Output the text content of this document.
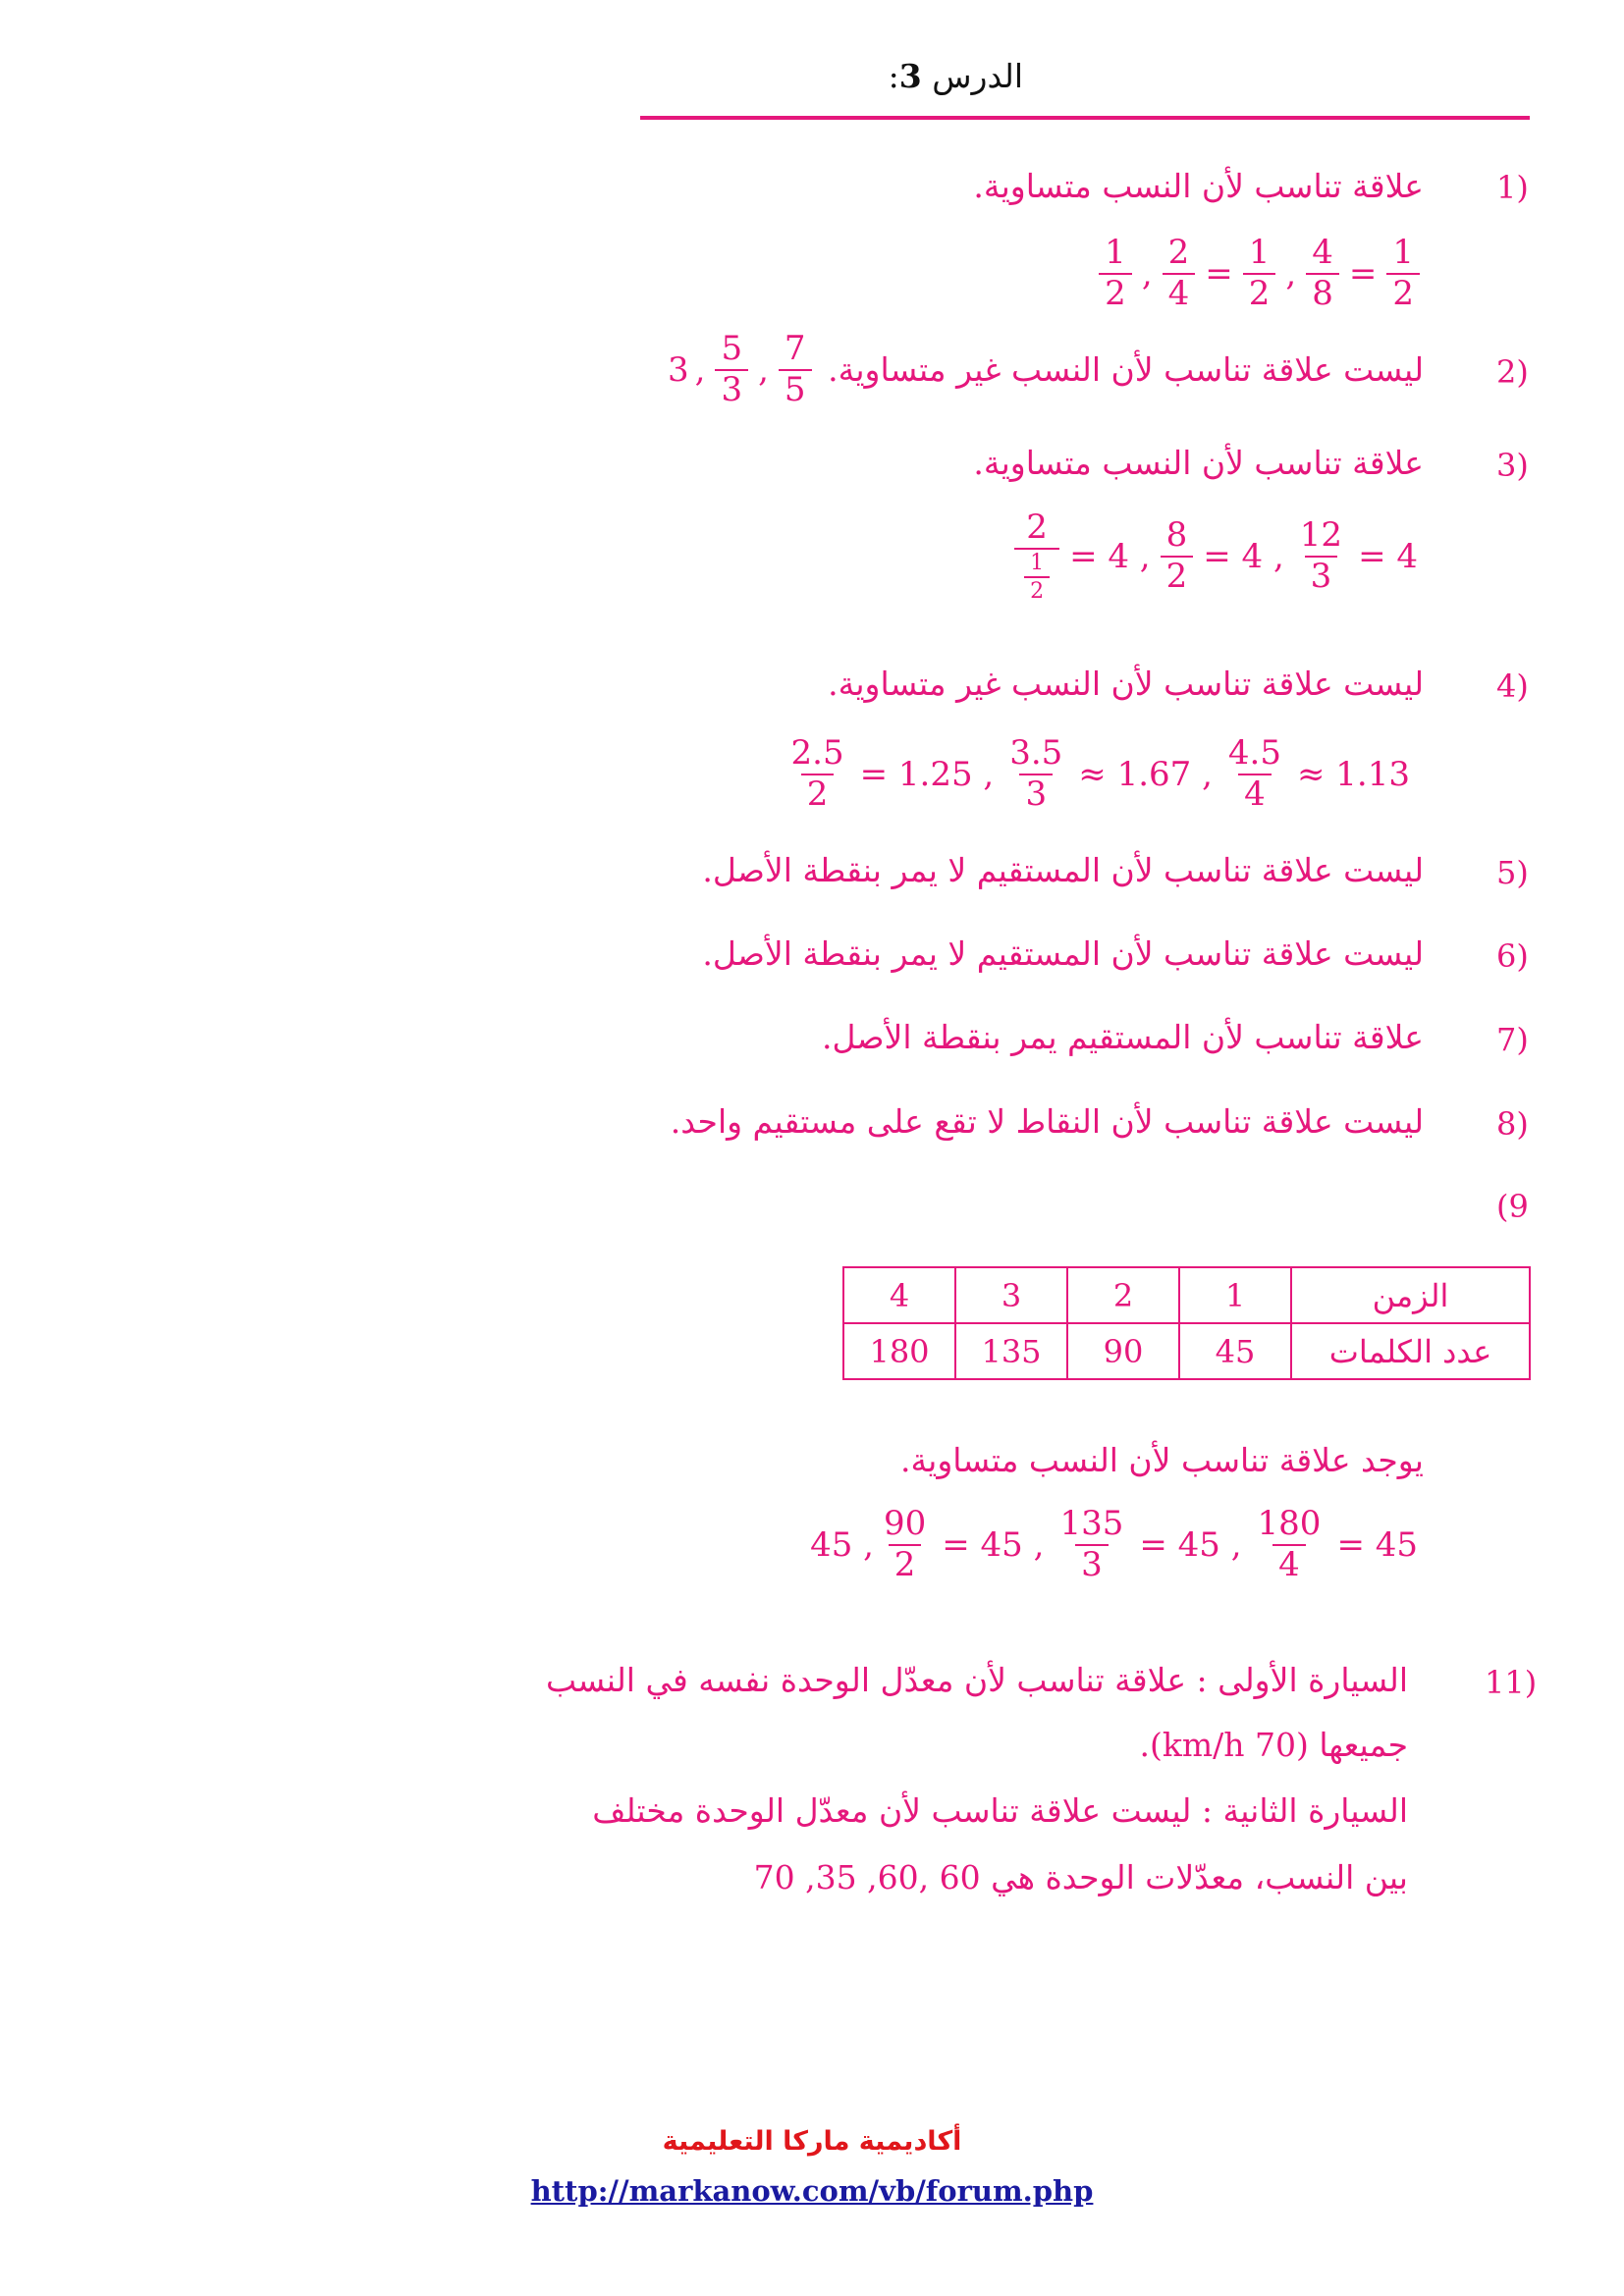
الدرس 3:
1)
2)
3)
4)
5)
6)
7)
8)
(9
علاقة تناسب لأن النسب متساوية.
ليست علاقة تناسب لأن النسب غير متساوية.
علاقة تناسب لأن النسب متساوية.
ليست علاقة تناسب لأن النسب غير متساوية.
ليست علاقة تناسب لأن المستقيم لا يمر بنقطة الأصل.
ليست علاقة تناسب لأن المستقيم لا يمر بنقطة الأصل.
علاقة تناسب لأن المستقيم يمر بنقطة الأصل.
ليست علاقة تناسب لأن النقاط لا تقع على مستقيم واحد.
$\frac{1}{2}$ , $\frac{2}{4} = \frac{1}{2}$ , $\frac{4}{8} = \frac{1}{2}$
$\frac{7}{5}$
,
$\frac{5}{3}$
,
3
$\frac{2}{\frac{1}{2}} = 4$ , $\frac{8}{2} = 4$ , $\frac{12}{3} = 4$
$\frac{2.5}{2} = 1.25$ , $\frac{3.5}{3} \approx 1.67$ , $\frac{4.5}{4} \approx 1.13$
الزمن	1	2	3	4
عدد الكلمات	45	90	135	180
يوجد علاقة تناسب لأن النسب متساوية.
45 , $\frac{90}{2} = 45$ , $\frac{135}{3} = 45$ , $\frac{180}{4} = 45$
11)
السيارة الأولى : علاقة تناسب لأن معدّل الوحدة نفسه في النسب
جميعها (70 km/h).
السيارة الثانية : ليست علاقة تناسب لأن معدّل الوحدة مختلف
بين النسب، معدّلات الوحدة هي 60 ,60, 35, 70
أكاديمية ماركا التعليمية
http://markanow.com/vb/forum.php
